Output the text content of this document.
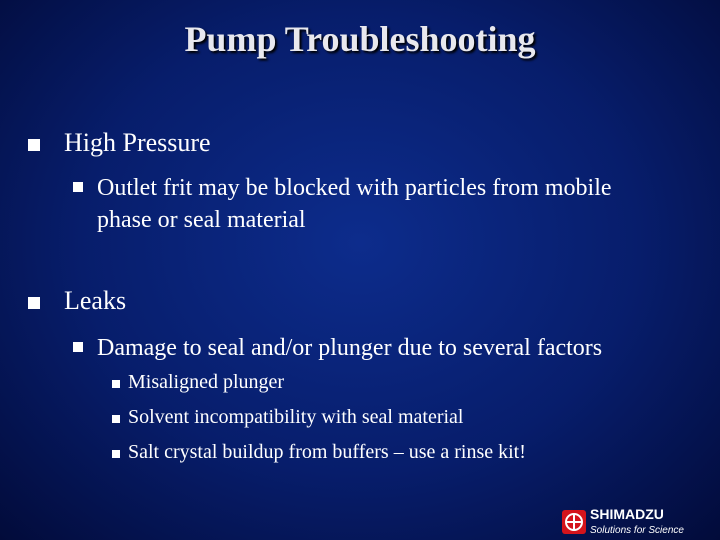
Pump Troubleshooting
High Pressure
Outlet frit may be blocked with particles from mobile
phase or seal material
Leaks
Damage to seal and/or plunger due to several factors
Misaligned plunger
Solvent incompatibility with seal material
Salt crystal buildup from buffers – use a rinse kit!
SHIMADZU
Solutions for Science
